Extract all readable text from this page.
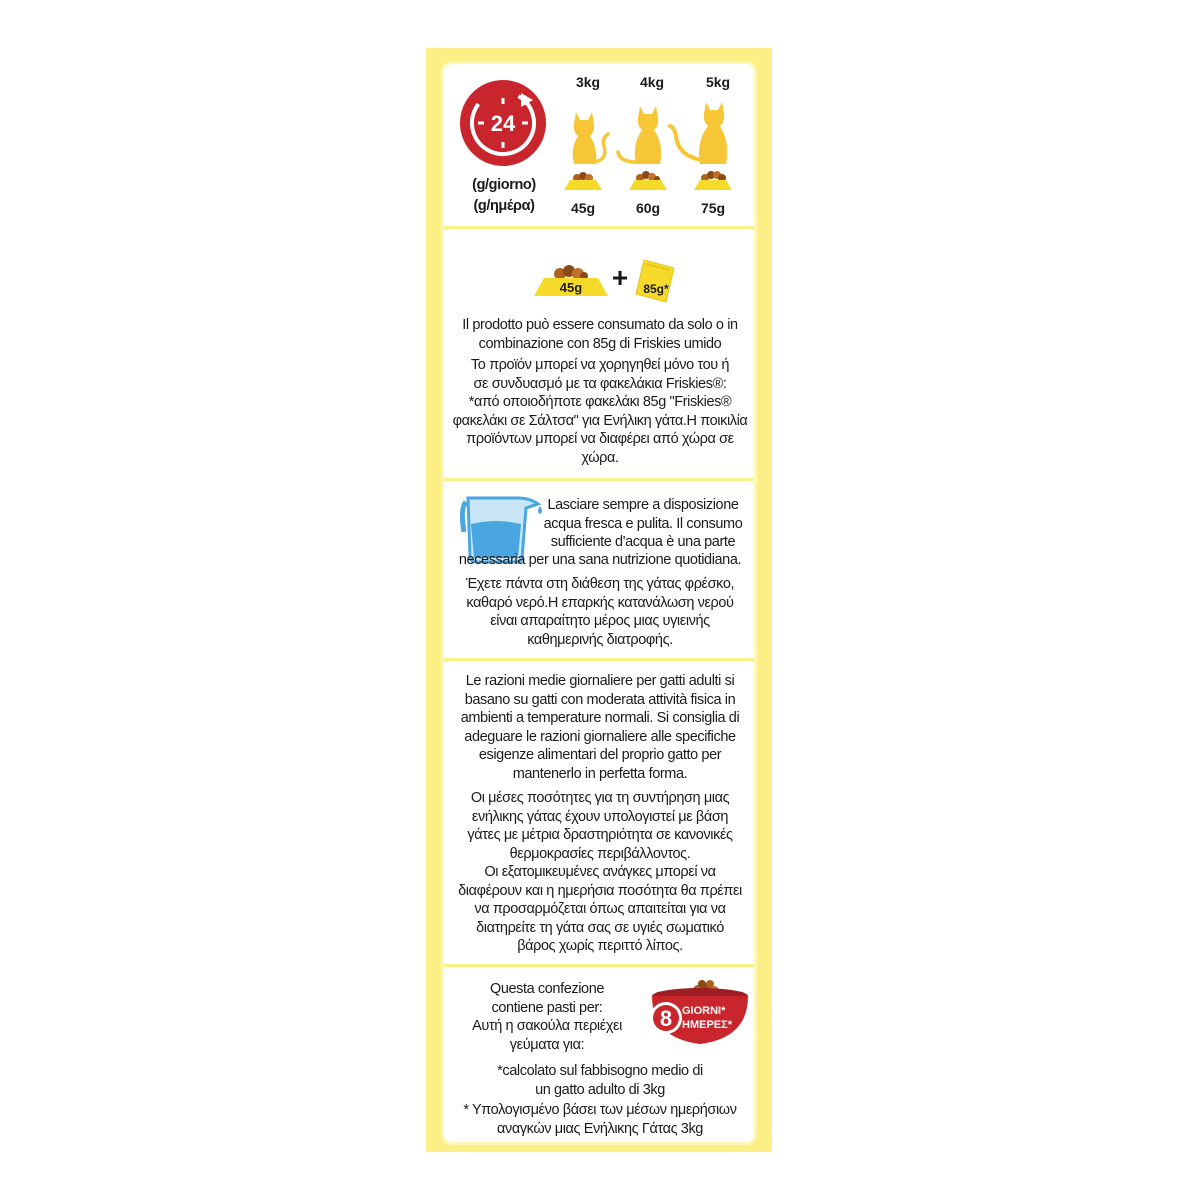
24
(g/giorno)
(g/ημέρα)
3kg	4kg	5kg
45g	60g	75g
45g	+	85g*
Il prodotto può essere consumato da solo o in
combinazione con 85g di Friskies umido
Το προϊόν μπορεί να χορηγηθεί μόνο του ή
σε συνδυασμό με τα φακελάκια Friskies®:
*από οποιοδήποτε φακελάκι 85g "Friskies®
φακελάκι σε Σάλτσα" για Ενήλικη γάτα.Η ποικιλία
προϊόντων μπορεί να διαφέρει από χώρα σε χώρα.
Lasciare sempre a disposizione
acqua fresca e pulita. Il consumo
sufficiente d'acqua è una parte
necessaria per una sana nutrizione quotidiana.
Έχετε πάντα στη διάθεση της γάτας φρέσκο,
καθαρό νερό.Η επαρκής κατανάλωση νερού
είναι απαραίτητο μέρος μιας υγιεινής
καθημερινής διατροφής.
Le razioni medie giornaliere per gatti adulti si
basano su gatti con moderata attività fisica in
ambienti a temperature normali. Si consiglia di
adeguare le razioni giornaliere alle specifiche
esigenze alimentari del proprio gatto per
mantenerlo in perfetta forma.
Οι μέσες ποσότητες για τη συντήρηση μιας
ενήλικης γάτας έχουν υπολογιστεί με βάση
γάτες με μέτρια δραστηριότητα σε κανονικές
θερμοκρασίες περιβάλλοντος.
Οι εξατομικευμένες ανάγκες μπορεί να
διαφέρουν και η ημερήσια ποσότητα θα πρέπει
να προσαρμόζεται όπως απαιτείται για να
διατηρείτε τη γάτα σας σε υγιές σωματικό
βάρος χωρίς περιττό λίπος.
Questa confezione
contiene pasti per:
Αυτή η σακούλα περιέχει
γεύματα για:
8 GIORNI*
ΗΜΕΡΕΣ*
*calcolato sul fabbisogno medio di
un gatto adulto di 3kg
* Υπολογισμένο βάσει των μέσων ημερήσιων
αναγκών μιας Ενήλικης Γάτας 3kg
